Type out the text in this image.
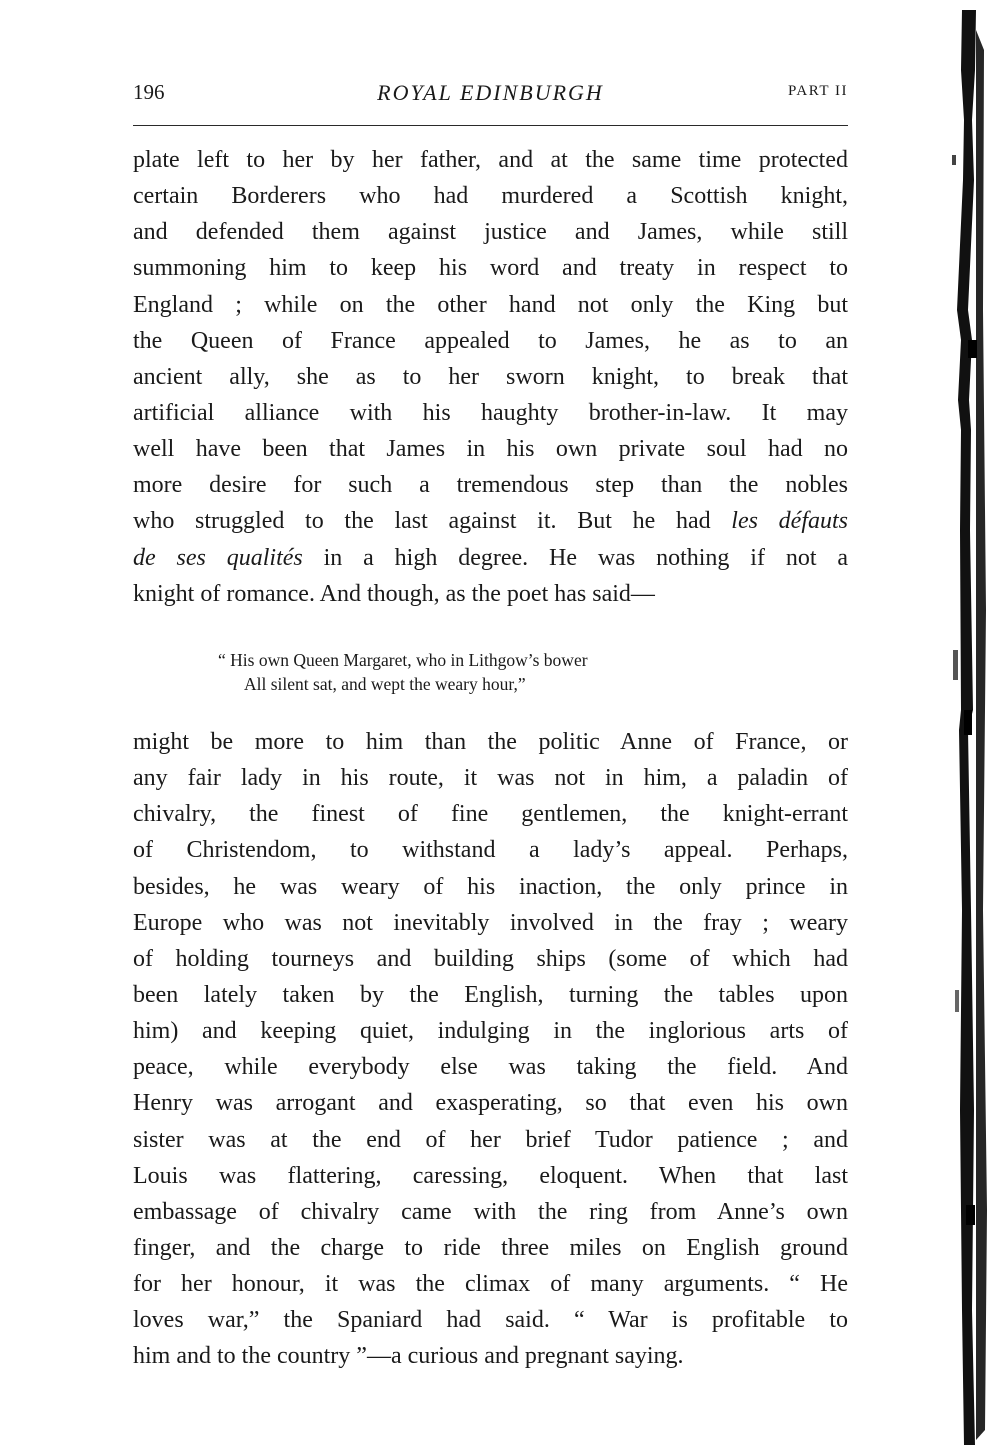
196	ROYAL EDINBURGH	PART II
plate left to her by her father, and at the same time protected
certain Borderers who had murdered a Scottish knight,
and defended them against justice and James, while still
summoning him to keep his word and treaty in respect to
England ; while on the other hand not only the King but
the Queen of France appealed to James, he as to an
ancient ally, she as to her sworn knight, to break that
artificial alliance with his haughty brother-in-law. It may
well have been that James in his own private soul had no
more desire for such a tremendous step than the nobles
who struggled to the last against it. But he had les défauts
de ses qualités in a high degree. He was nothing if not a
knight of romance. And though, as the poet has said—
“ His own Queen Margaret, who in Lithgow’s bower
All silent sat, and wept the weary hour,”
might be more to him than the politic Anne of France, or
any fair lady in his route, it was not in him, a paladin of
chivalry, the finest of fine gentlemen, the knight-errant
of Christendom, to withstand a lady’s appeal. Perhaps,
besides, he was weary of his inaction, the only prince in
Europe who was not inevitably involved in the fray ; weary
of holding tourneys and building ships (some of which had
been lately taken by the English, turning the tables upon
him) and keeping quiet, indulging in the inglorious arts of
peace, while everybody else was taking the field. And
Henry was arrogant and exasperating, so that even his own
sister was at the end of her brief Tudor patience ; and
Louis was flattering, caressing, eloquent. When that last
embassage of chivalry came with the ring from Anne’s own
finger, and the charge to ride three miles on English ground
for her honour, it was the climax of many arguments. “ He
loves war,” the Spaniard had said. “ War is profitable to
him and to the country ”—a curious and pregnant saying.
